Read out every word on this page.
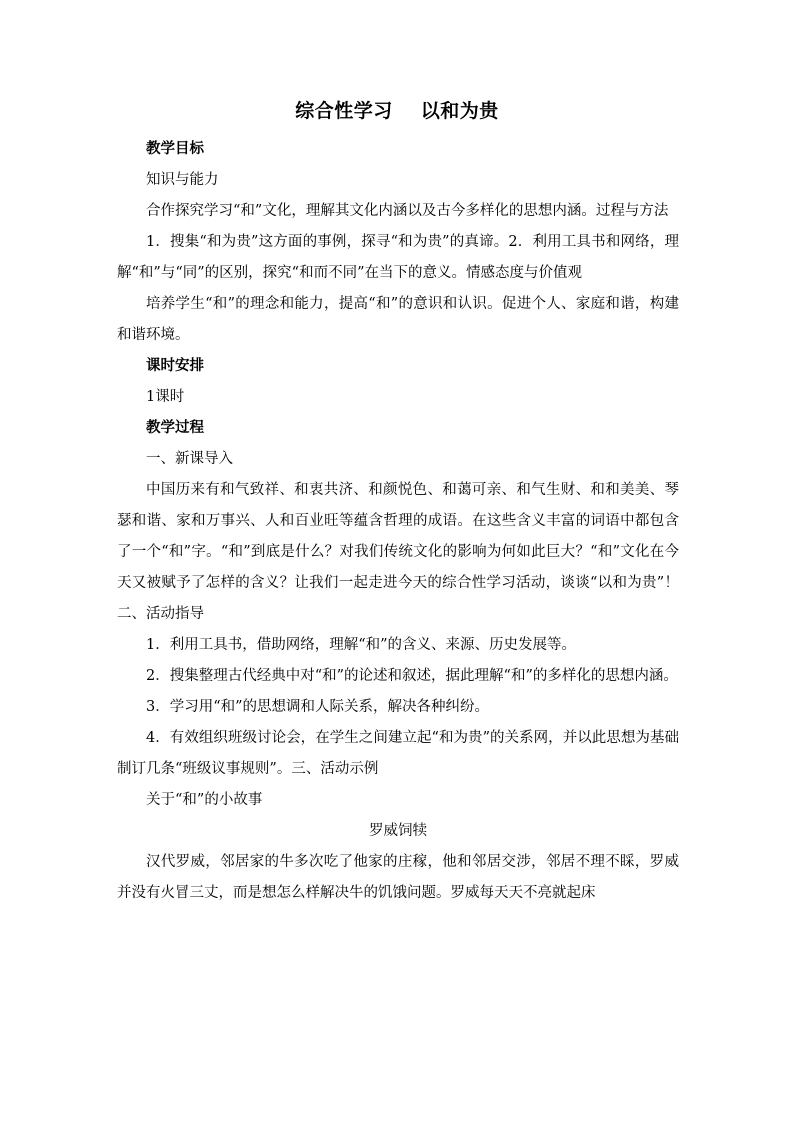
综合性学习 以和为贵

教学目标

知识与能力

合作探究学习“和”文化，理解其文化内涵以及古今多样化的思想内涵。过程与方法

1．搜集“和为贵”这方面的事例，探寻“和为贵”的真谛。2．利用工具书和网络，理解“和”与“同”的区别，探究“和而不同”在当下的意义。情感态度与价值观

培养学生“和”的理念和能力，提高“和”的意识和认识。促进个人、家庭和谐，构建和谐环境。

课时安排

1课时

教学过程

一、新课导入

中国历来有和气致祥、和衷共济、和颜悦色、和蔼可亲、和气生财、和和美美、琴瑟和谐、家和万事兴、人和百业旺等蕴含哲理的成语。在这些含义丰富的词语中都包含了一个“和”字。“和”到底是什么？对我们传统文化的影响为何如此巨大？“和”文化在今天又被赋予了怎样的含义？让我们一起走进今天的综合性学习活动，谈谈“以和为贵”！ 二、活动指导

1．利用工具书，借助网络，理解“和”的含义、来源、历史发展等。

2．搜集整理古代经典中对“和”的论述和叙述，据此理解“和”的多样化的思想内涵。

3．学习用“和”的思想调和人际关系，解决各种纠纷。

4．有效组织班级讨论会，在学生之间建立起“和为贵”的关系网，并以此思想为基础制订几条“班级议事规则”。三、活动示例

关于“和”的小故事

罗威饲犊

汉代罗威，邻居家的牛多次吃了他家的庄稼，他和邻居交涉，邻居不理不睬，罗威并没有火冒三丈，而是想怎么样解决牛的饥饿问题。罗威每天天不亮就起床
